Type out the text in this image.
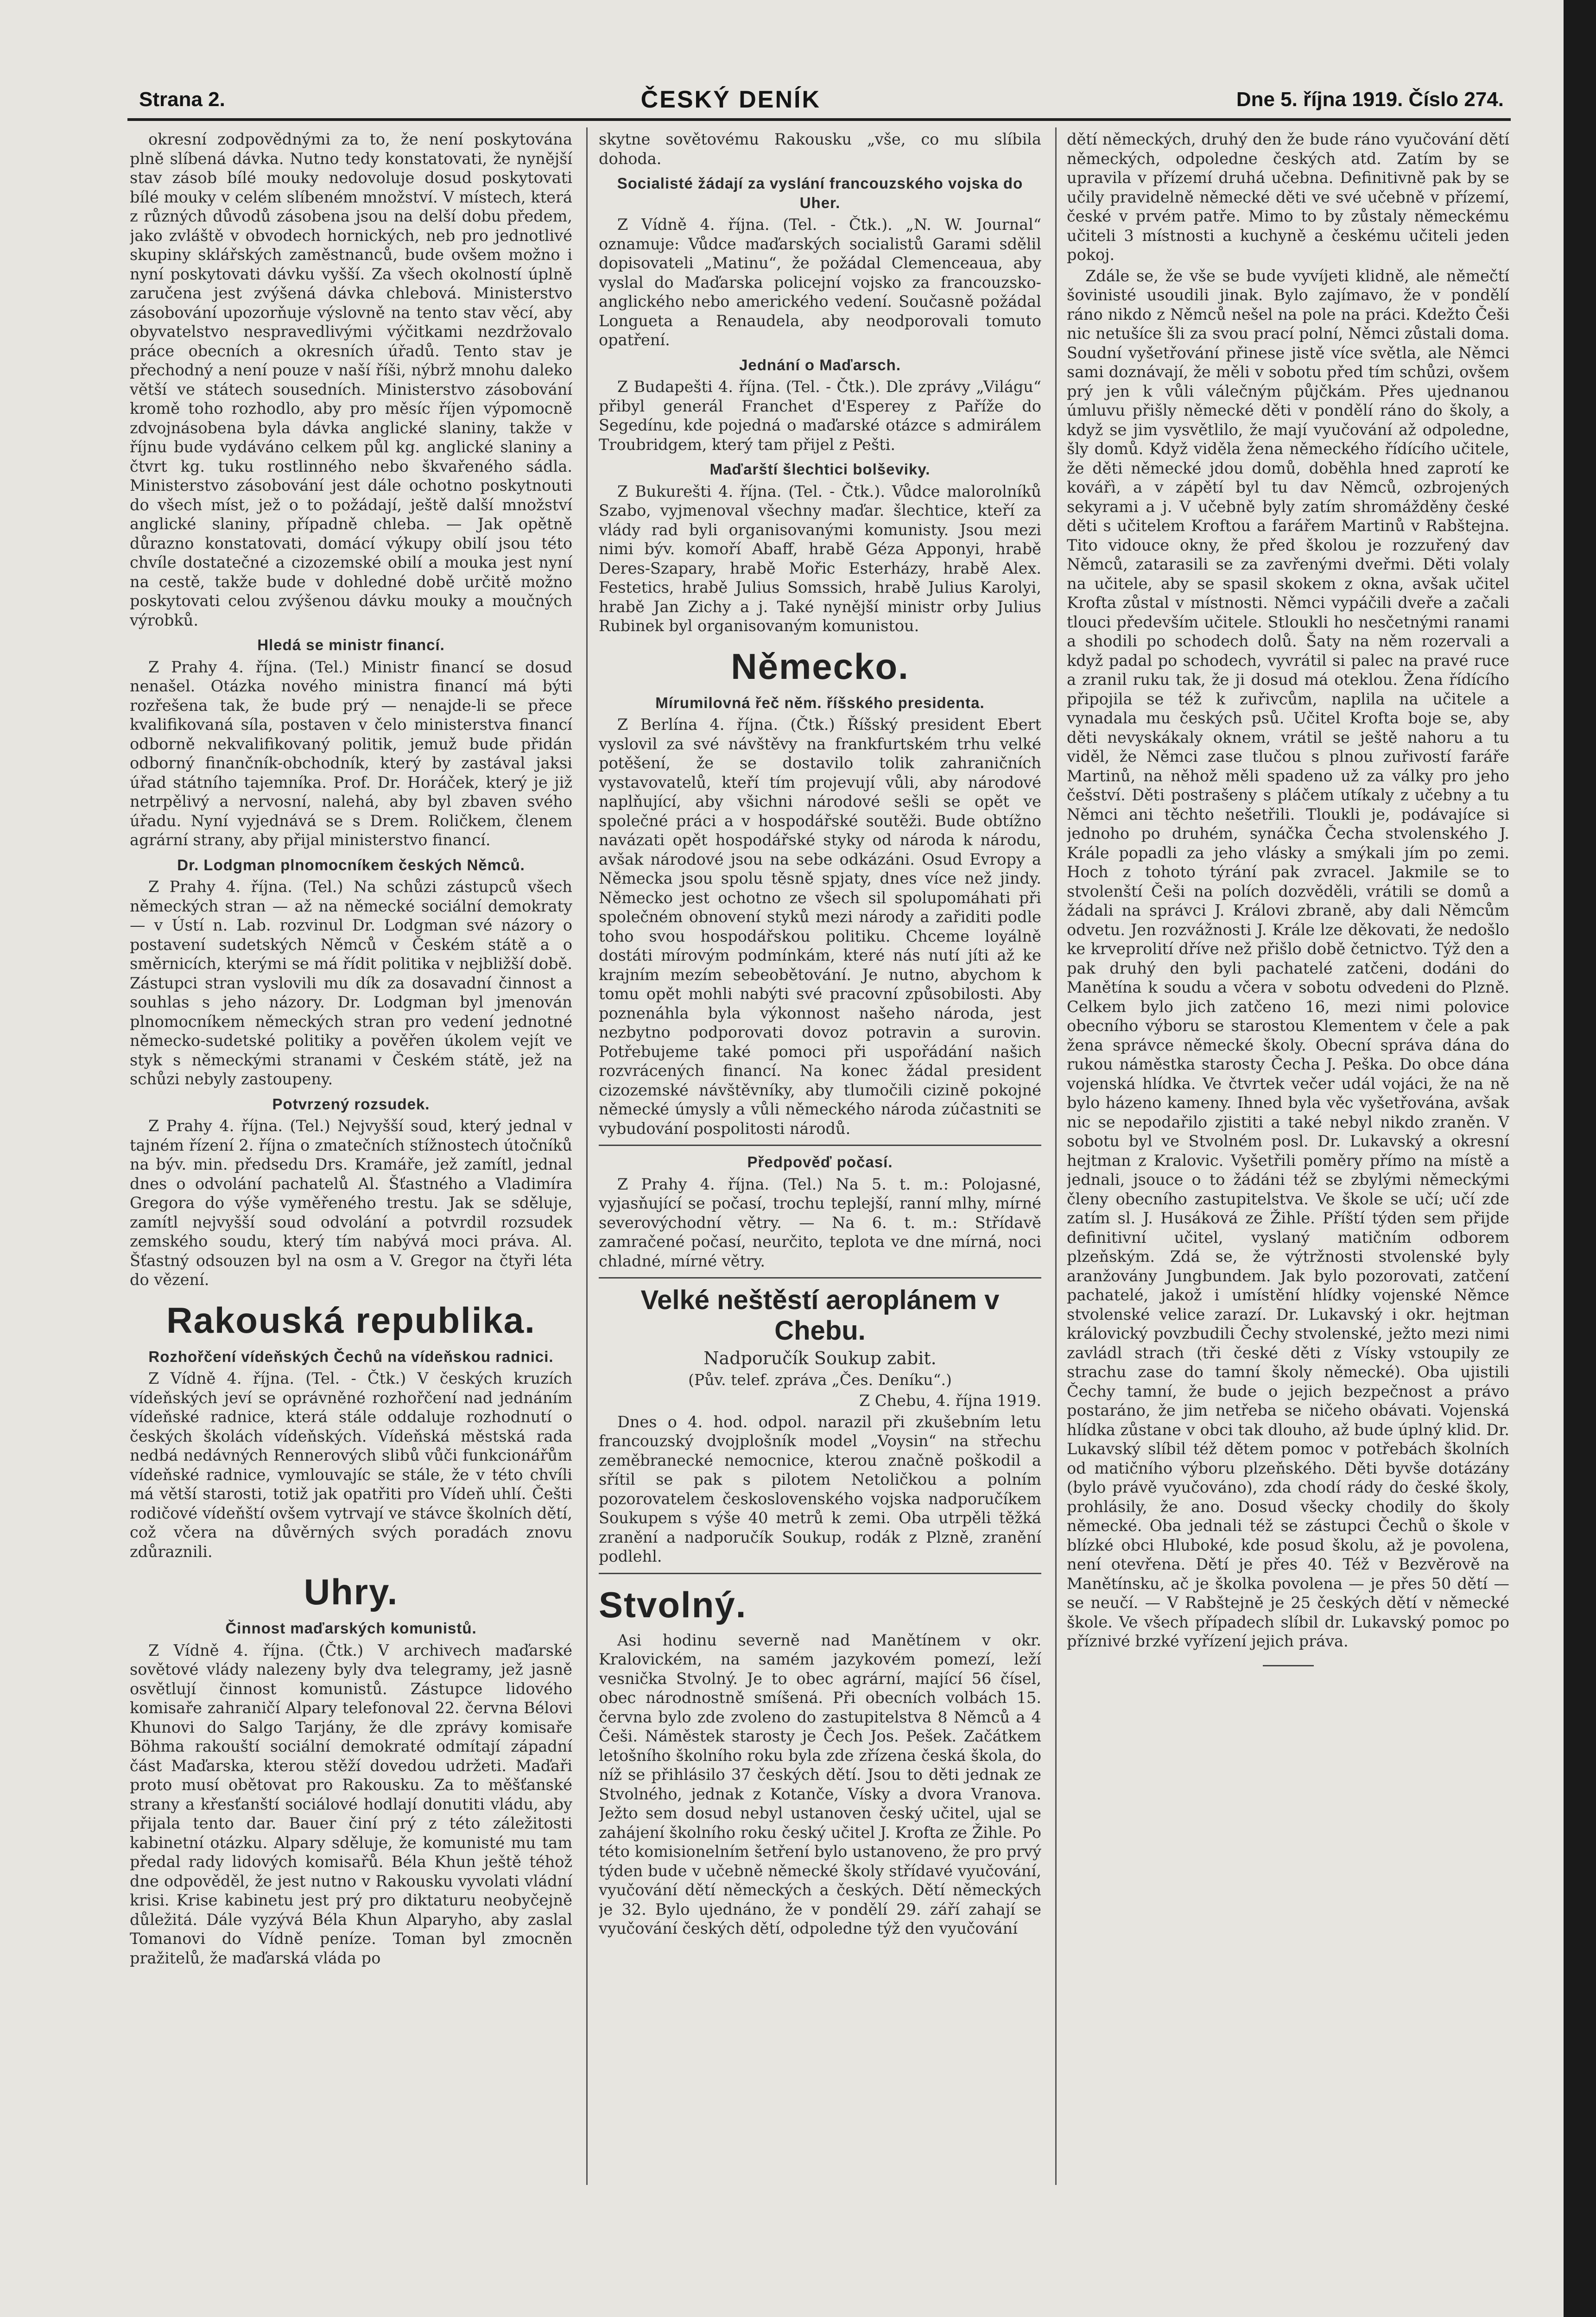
Strana 2.	ČESKÝ DENÍK	Dne 5. října 1919. Číslo 274.

okresní zodpovědnými za to, že není poskytována plně slíbená dávka. Nutno tedy konstatovati, že nynější stav zásob bílé mouky nedovoluje dosud poskytovati bílé mouky v celém slíbeném množství. V místech, která z různých důvodů zásobena jsou na delší dobu předem, jako zvláště v obvodech hornických, neb pro jednotlivé skupiny sklářských zaměstnanců, bude ovšem možno i nyní poskytovati dávku vyšší. Za všech okolností úplně zaručena jest zvýšená dávka chlebová. Ministerstvo zásobování upozorňuje výslovně na tento stav věcí, aby obyvatelstvo nespravedlivými výčitkami nezdržovalo práce obecních a okresních úřadů. Tento stav je přechodný a není pouze v naší říši, nýbrž mnohu daleko větší ve státech sousedních. Ministerstvo zásobování kromě toho rozhodlo, aby pro měsíc říjen výpomocně zdvojnásobena byla dávka anglické slaniny, takže v říjnu bude vydáváno celkem půl kg. anglické slaniny a čtvrt kg. tuku rostlinného nebo škvařeného sádla. Ministerstvo zásobování jest dále ochotno poskytnouti do všech míst, jež o to požádají, ještě další množství anglické slaniny, případně chleba. — Jak opětně důrazno konstatovati, domácí výkupy obilí jsou této chvíle dostatečné a cizozemské obilí a mouka jest nyní na cestě, takže bude v dohledné době určitě možno poskytovati celou zvýšenou dávku mouky a moučných výrobků.

Hledá se ministr financí.

Z Prahy 4. října. (Tel.) Ministr financí se dosud nenašel. Otázka nového ministra financí má býti rozřešena tak, že bude prý — nenajde-li se přece kvalifikovaná síla, postaven v čelo ministerstva financí odborně nekvalifikovaný politik, jemuž bude přidán odborný finančník-obchodník, který by zastával jaksi úřad státního tajemníka. Prof. Dr. Horáček, který je již netrpělivý a nervosní, nalehá, aby byl zbaven svého úřadu. Nyní vyjednává se s Drem. Roličkem, členem agrární strany, aby přijal ministerstvo financí.

Dr. Lodgman plnomocníkem českých Němců.

Z Prahy 4. října. (Tel.) Na schůzi zástupců všech německých stran — až na německé sociální demokraty — v Ústí n. Lab. rozvinul Dr. Lodgman své názory o postavení sudetských Němců v Českém státě a o směrnicích, kterými se má řídit politika v nejbližší době. Zástupci stran vyslovili mu dík za dosavadní činnost a souhlas s jeho názory. Dr. Lodgman byl jmenován plnomocníkem německých stran pro vedení jednotné německo-sudetské politiky a pověřen úkolem vejít ve styk s německými stranami v Českém státě, jež na schůzi nebyly zastoupeny.

Potvrzený rozsudek.

Z Prahy 4. října. (Tel.) Nejvyšší soud, který jednal v tajném řízení 2. října o zmatečních stížnostech útočníků na býv. min. předsedu Drs. Kramáře, jež zamítl, jednal dnes o odvolání pachatelů Al. Šťastného a Vladimíra Gregora do výše vyměřeného trestu. Jak se sděluje, zamítl nejvyšší soud odvolání a potvrdil rozsudek zemského soudu, který tím nabývá moci práva. Al. Šťastný odsouzen byl na osm a V. Gregor na čtyři léta do vězení.

Rakouská republika.
Rozhořčení vídeňských Čechů na vídeňskou radnici.

Z Vídně 4. října. (Tel. - Čtk.) V českých kruzích vídeňských jeví se oprávněné rozhořčení nad jednáním vídeňské radnice, která stále oddaluje rozhodnutí o českých školách vídeňských. Vídeňská městská rada nedbá nedávných Rennerových slibů vůči funkcionářům vídeňské radnice, vymlouvajíc se stále, že v této chvíli má větší starosti, totiž jak opatřiti pro Vídeň uhlí. Češti rodičové vídeňští ovšem vytrvají ve stávce školních dětí, což včera na důvěrných svých poradách znovu zdůraznili.

Uhry.
Činnost maďarských komunistů.

Z Vídně 4. října. (Čtk.) V archivech maďarské sovětové vlády nalezeny byly dva telegramy, jež jasně osvětlují činnost komunistů. Zástupce lidového komisaře zahraničí Alpary telefonoval 22. června Bélovi Khunovi do Salgo Tarjány, že dle zprávy komisaře Böhma rakouští sociální demokraté odmítají západní část Maďarska, kterou stěží dovedou udržeti. Maďaři proto musí obětovat pro Rakousku. Za to měšťanské strany a křesťanští sociálové hodlají donutiti vládu, aby přijala tento dar. Bauer činí prý z této záležitosti kabinetní otázku. Alpary sděluje, že komunisté mu tam předal rady lidových komisařů. Béla Khun ještě téhož dne odpověděl, že jest nutno v Rakousku vyvolati vládní krisi. Krise kabinetu jest prý pro diktaturu neobyčejně důležitá. Dále vyzývá Béla Khun Alparyho, aby zaslal Tomanovi do Vídně peníze. Toman byl zmocněn pražitelů, že maďarská vláda po

skytne sovětovému Rakousku „vše, co mu slíbila dohoda.

Socialisté žádají za vyslání francouzského vojska do Uher.

Z Vídně 4. října. (Tel. - Čtk.). „N. W. Journal“ oznamuje: Vůdce maďarských socialistů Garami sdělil dopisovateli „Matinu“, že požádal Clemenceaua, aby vyslal do Maďarska policejní vojsko za francouzsko-anglického nebo amerického vedení. Současně požádal Longueta a Renaudela, aby neodporovali tomuto opatření.

Jednání o Maďarsch.

Z Budapešti 4. října. (Tel. - Čtk.). Dle zprávy „Világu“ přibyl generál Franchet d'Esperey z Paříže do Segedínu, kde pojedná o maďarské otázce s admirálem Troubridgem, který tam přijel z Pešti.

Maďarští šlechtici bolševiky.

Z Bukurešti 4. října. (Tel. - Čtk.). Vůdce malorolníků Szabo, vyjmenoval všechny maďar. šlechtice, kteří za vlády rad byli organisovanými komunisty. Jsou mezi nimi býv. komoří Abaff, hrabě Géza Apponyi, hrabě Deres-Szapary, hrabě Mořic Esterházy, hrabě Alex. Festetics, hrabě Julius Somssich, hrabě Julius Karolyi, hrabě Jan Zichy a j. Také nynější ministr orby Julius Rubinek byl organisovaným komunistou.

Německo.
Mírumilovná řeč něm. říšského presidenta.

Z Berlína 4. října. (Čtk.) Říšský president Ebert vyslovil za své návštěvy na frankfurtském trhu velké potěšení, že se dostavilo tolik zahraničních vystavovatelů, kteří tím projevují vůli, aby národové naplňující, aby všichni národové sešli se opět ve společné práci a v hospodářské soutěži. Bude obtížno navázati opět hospodářské styky od národa k národu, avšak národové jsou na sebe odkázáni. Osud Evropy a Německa jsou spolu těsně spjaty, dnes více než jindy. Německo jest ochotno ze všech sil spolupomáhati při společném obnovení styků mezi národy a zařiditi podle toho svou hospodářskou politiku. Chceme loyálně dostáti mírovým podmínkám, které nás nutí jíti až ke krajním mezím sebeobětování. Je nutno, abychom k tomu opět mohli nabýti své pracovní způsobilosti. Aby poznenáhla byla výkonnost našeho národa, jest nezbytno podporovati dovoz potravin a surovin. Potřebujeme také pomoci při uspořádání našich rozvrácených financí. Na konec žádal president cizozemské návštěvníky, aby tlumočili cizině pokojné německé úmysly a vůli německého národa zúčastniti se vybudování pospolitosti národů.

Předpověď počasí.

Z Prahy 4. října. (Tel.) Na 5. t. m.: Polojasné, vyjasňující se počasí, trochu teplejší, ranní mlhy, mírné severovýchodní větry. — Na 6. t. m.: Střídavě zamračené počasí, neurčito, teplota ve dne mírná, noci chladné, mírné větry.

Velké neštěstí aeroplánem v Chebu.
Nadporučík Soukup zabit.
(Pův. telef. zpráva „Čes. Deníku“.)
Z Chebu, 4. října 1919.

Dnes o 4. hod. odpol. narazil při zkušebním letu francouzský dvojplošník model „Voysin“ na střechu zeměbranecké nemocnice, kterou značně poškodil a sřítil se pak s pilotem Netoličkou a polním pozorovatelem československého vojska nadporučíkem Soukupem s výše 40 metrů k zemi. Oba utrpěli těžká zranění a nadporučík Soukup, rodák z Plzně, zranění podlehl.

Stvolný.

Asi hodinu severně nad Manětínem v okr. Kralovickém, na samém jazykovém pomezí, leží vesnička Stvolný. Je to obec agrární, mající 56 čísel, obec národnostně smíšená. Při obecních volbách 15. června bylo zde zvoleno do zastupitelstva 8 Němců a 4 Češi. Náměstek starosty je Čech Jos. Pešek. Začátkem letošního školního roku byla zde zřízena česká škola, do níž se přihlásilo 37 českých dětí. Jsou to děti jednak ze Stvolného, jednak z Kotanče, Vísky a dvora Vranova. Ježto sem dosud nebyl ustanoven český učitel, ujal se zahájení školního roku český učitel J. Krofta ze Žihle. Po této komisionelním šetření bylo ustanoveno, že pro prvý týden bude v učebně německé školy střídavé vyučování, vyučování dětí německých a českých. Dětí německých je 32. Bylo ujednáno, že v pondělí 29. září zahají se vyučování českých dětí, odpoledne týž den vyučování

dětí německých, druhý den že bude ráno vyučování dětí německých, odpoledne českých atd. Zatím by se upravila v přízemí druhá učebna. Definitivně pak by se učily pravidelně německé děti ve své učebně v přízemí, české v prvém patře. Mimo to by zůstaly německému učiteli 3 místnosti a kuchyně a českému učiteli jeden pokoj.

Zdále se, že vše se bude vyvíjeti klidně, ale němečtí šovinisté usoudili jinak. Bylo zajímavo, že v pondělí ráno nikdo z Němců nešel na pole na práci. Kdežto Češi nic netušíce šli za svou prací polní, Němci zůstali doma. Soudní vyšetřování přinese jistě více světla, ale Němci sami doznávají, že měli v sobotu před tím schůzi, ovšem prý jen k vůli válečným půjčkám. Přes ujednanou úmluvu přišly německé děti v pondělí ráno do školy, a když se jim vysvětlilo, že mají vyučování až odpoledne, šly domů. Když viděla žena německého řídícího učitele, že děti německé jdou domů, doběhla hned zaprotí ke kovářì, a v zápětí byl tu dav Němců, ozbrojených sekyrami a j. V učebně byly zatím shromážděny české děti s učitelem Kroftou a farářem Martinů v Rabštejna. Tito vidouce okny, že před školou je rozzuřený dav Němců, zatarasili se za zavřenými dveřmi. Děti volaly na učitele, aby se spasil skokem z okna, avšak učitel Krofta zůstal v místnosti. Němci vypáčili dveře a začali tlouci především učitele. Stloukli ho nesčetnými ranami a shodili po schodech dolů. Šaty na něm rozervali a když padal po schodech, vyvrátil si palec na pravé ruce a zranil ruku tak, že ji dosud má oteklou. Žena řídícího připojila se též k zuřivcům, naplila na učitele a vynadala mu českých psů. Učitel Krofta boje se, aby děti nevyskákaly oknem, vrátil se ještě nahoru a tu viděl, že Němci zase tlučou s plnou zuřivostí faráře Martinů, na něhož měli spadeno už za války pro jeho češství. Děti postrašeny s pláčem utíkaly z učebny a tu Němci ani těchto nešetřili. Tloukli je, podávajíce si jednoho po druhém, synáčka Čecha stvolenského J. Krále popadli za jeho vlásky a smýkali jím po zemi. Hoch z tohoto týrání pak zvracel. Jakmile se to stvolenští Češi na polích dozvěděli, vrátili se domů a žádali na správci J. Královi zbraně, aby dali Němcům odvetu. Jen rozvážnosti J. Krále lze děkovati, že nedošlo ke krveprolití dříve než přišlo době četnictvo. Týž den a pak druhý den byli pachatelé zatčeni, dodáni do Manětína k soudu a včera v sobotu odvedeni do Plzně. Celkem bylo jich zatčeno 16, mezi nimi polovice obecního výboru se starostou Klementem v čele a pak žena správce německé školy. Obecní správa dána do rukou náměstka starosty Čecha J. Peška. Do obce dána vojenská hlídka. Ve čtvrtek večer udál vojáci, že na ně bylo házeno kameny. Ihned byla věc vyšetřována, avšak nic se nepodařilo zjistiti a také nebyl nikdo zraněn. V sobotu byl ve Stvolném posl. Dr. Lukavský a okresní hejtman z Kralovic. Vyšetřili poměry přímo na místě a jednali, jsouce o to žádáni též se zbylými německými členy obecního zastupitelstva. Ve škole se učí; učí zde zatím sl. J. Husáková ze Žihle. Příští týden sem přijde definitivní učitel, vyslaný matičním odborem plzeňským. Zdá se, že výtržnosti stvolenské byly aranžovány Jungbundem. Jak bylo pozorovati, zatčení pachatelé, jakož i umístění hlídky vojenské Němce stvolenské velice zarazí. Dr. Lukavský i okr. hejtman královický povzbudili Čechy stvolenské, ježto mezi nimi zavládl strach (tři české děti z Vísky vstoupily ze strachu zase do tamní školy německé). Oba ujistili Čechy tamní, že bude o jejich bezpečnost a právo postaráno, že jim netřeba se ničeho obávati. Vojenská hlídka zůstane v obci tak dlouho, až bude úplný klid. Dr. Lukavský slíbil též dětem pomoc v potřebách školních od matičního výboru plzeňského. Děti byvše dotázány (bylo právě vyučováno), zda chodí rády do české školy, prohlásily, že ano. Dosud všecky chodily do školy německé. Oba jednali též se zástupci Čechů o škole v blízké obci Hluboké, kde posud školu, až je povolena, není otevřena. Dětí je přes 40. Též v Bezvěrově na Manětínsku, ač je školka povolena — je přes 50 dětí — se neučí. — V Rabštejně je 25 českých dětí v německé škole. Ve všech případech slíbil dr. Lukavský pomoc po příznivé brzké vyřízení jejich práva.
